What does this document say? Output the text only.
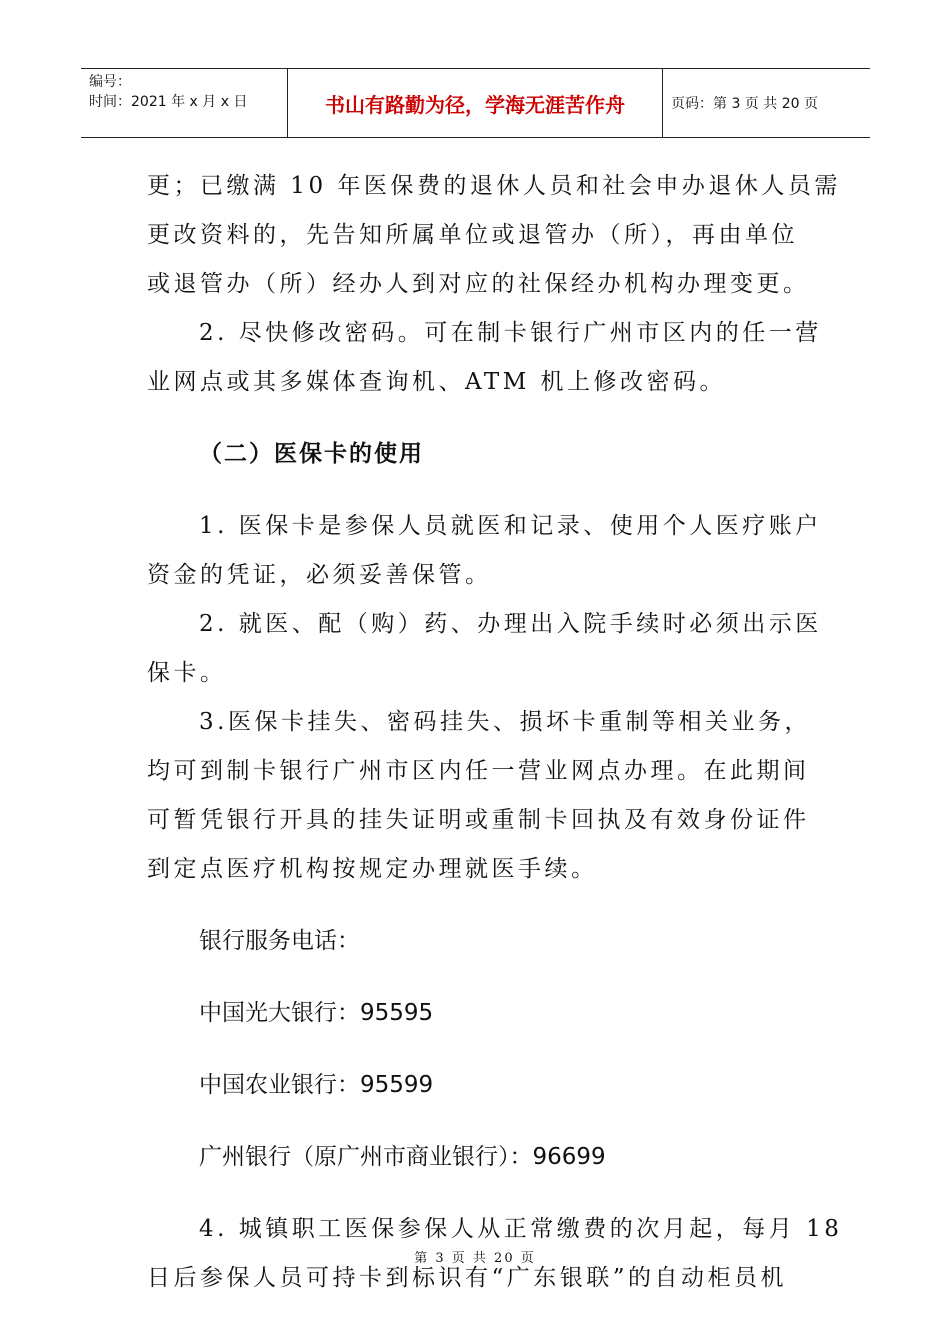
编号：
时间：2021 年 x 月 x 日	书山有路勤为径，学海无涯苦作舟	页码：第 3 页 共 20 页

更；已缴满 10 年医保费的退休人员和社会申办退休人员需

更改资料的，先告知所属单位或退管办（所），再由单位

或退管办（所）经办人到对应的社保经办机构办理变更。

2. 尽快修改密码。可在制卡银行广州市区内的任一营

业网点或其多媒体查询机、ATM 机上修改密码。

（二）医保卡的使用

1. 医保卡是参保人员就医和记录、使用个人医疗账户

资金的凭证，必须妥善保管。

2. 就医、配（购）药、办理出入院手续时必须出示医

保卡。

3.医保卡挂失、密码挂失、损坏卡重制等相关业务，

均可到制卡银行广州市区内任一营业网点办理。在此期间

可暂凭银行开具的挂失证明或重制卡回执及有效身份证件

到定点医疗机构按规定办理就医手续。

银行服务电话：

中国光大银行：95595

中国农业银行：95599

广州银行（原广州市商业银行）：96699

4. 城镇职工医保参保人从正常缴费的次月起，每月 18

日后参保人员可持卡到标识有“广东银联”的自动柜员机

第 3 页 共 20 页
